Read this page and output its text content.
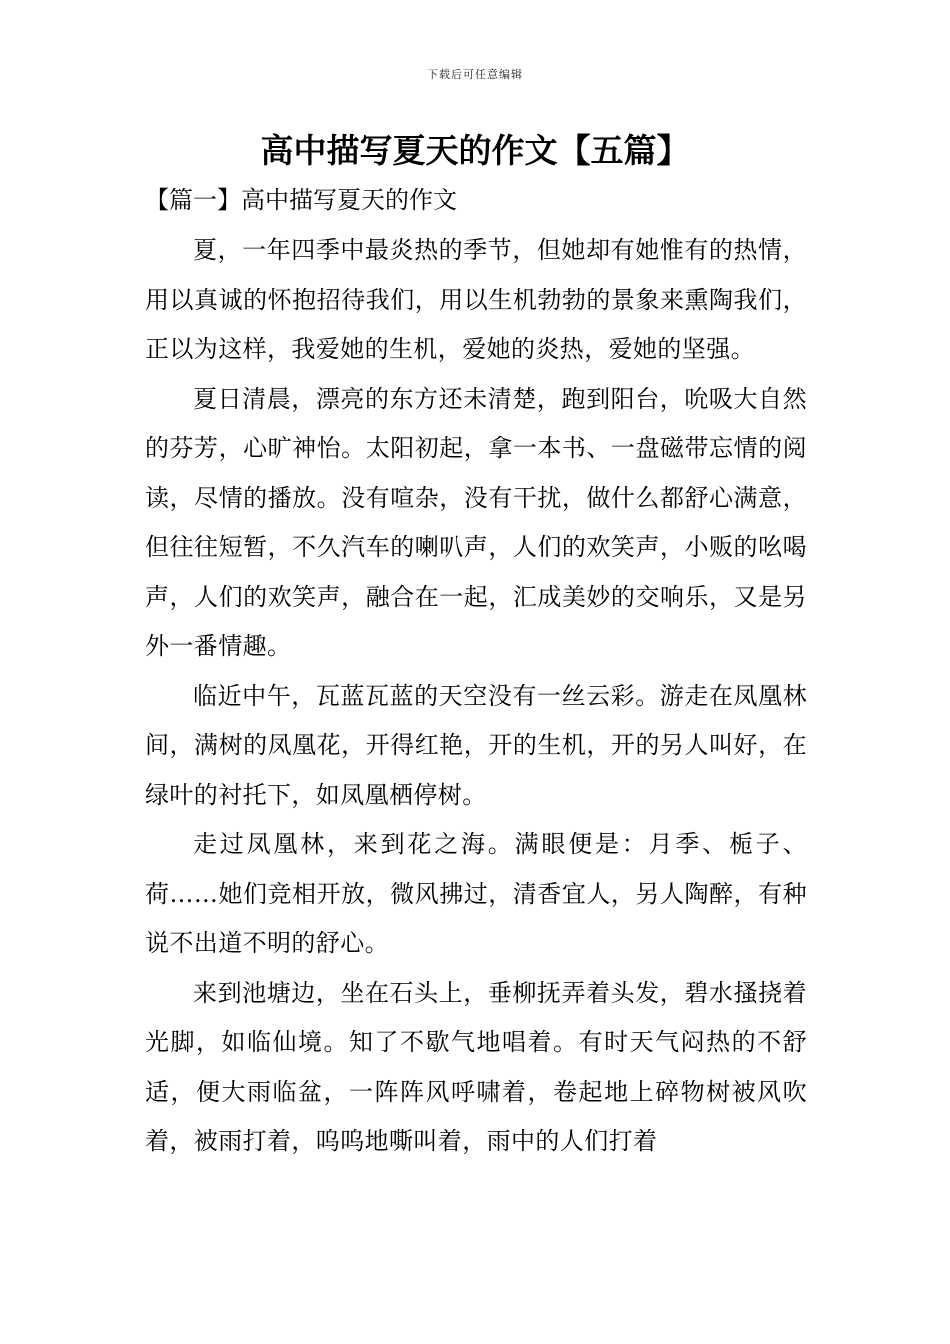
下载后可任意编辑
高中描写夏天的作文【五篇】
【篇一】高中描写夏天的作文

夏，一年四季中最炎热的季节，但她却有她惟有的热情，用以真诚的怀抱招待我们，用以生机勃勃的景象来熏陶我们，正以为这样，我爱她的生机，爱她的炎热，爱她的坚强。

夏日清晨，漂亮的东方还未清楚，跑到阳台，吮吸大自然的芬芳，心旷神怡。太阳初起，拿一本书、一盘磁带忘情的阅读，尽情的播放。没有喧杂，没有干扰，做什么都舒心满意，但往往短暂，不久汽车的喇叭声，人们的欢笑声，小贩的吆喝声，人们的欢笑声，融合在一起，汇成美妙的交响乐，又是另外一番情趣。

临近中午，瓦蓝瓦蓝的天空没有一丝云彩。游走在凤凰林间，满树的凤凰花，开得红艳，开的生机，开的另人叫好，在绿叶的衬托下，如凤凰栖停树。

走过凤凰林，来到花之海。满眼便是：月季、栀子、荷……她们竞相开放，微风拂过，清香宜人，另人陶醉，有种说不出道不明的舒心。

来到池塘边，坐在石头上，垂柳抚弄着头发，碧水搔挠着光脚，如临仙境。知了不歇气地唱着。有时天气闷热的不舒适，便大雨临盆，一阵阵风呼啸着，卷起地上碎物树被风吹着，被雨打着，呜呜地嘶叫着，雨中的人们打着
